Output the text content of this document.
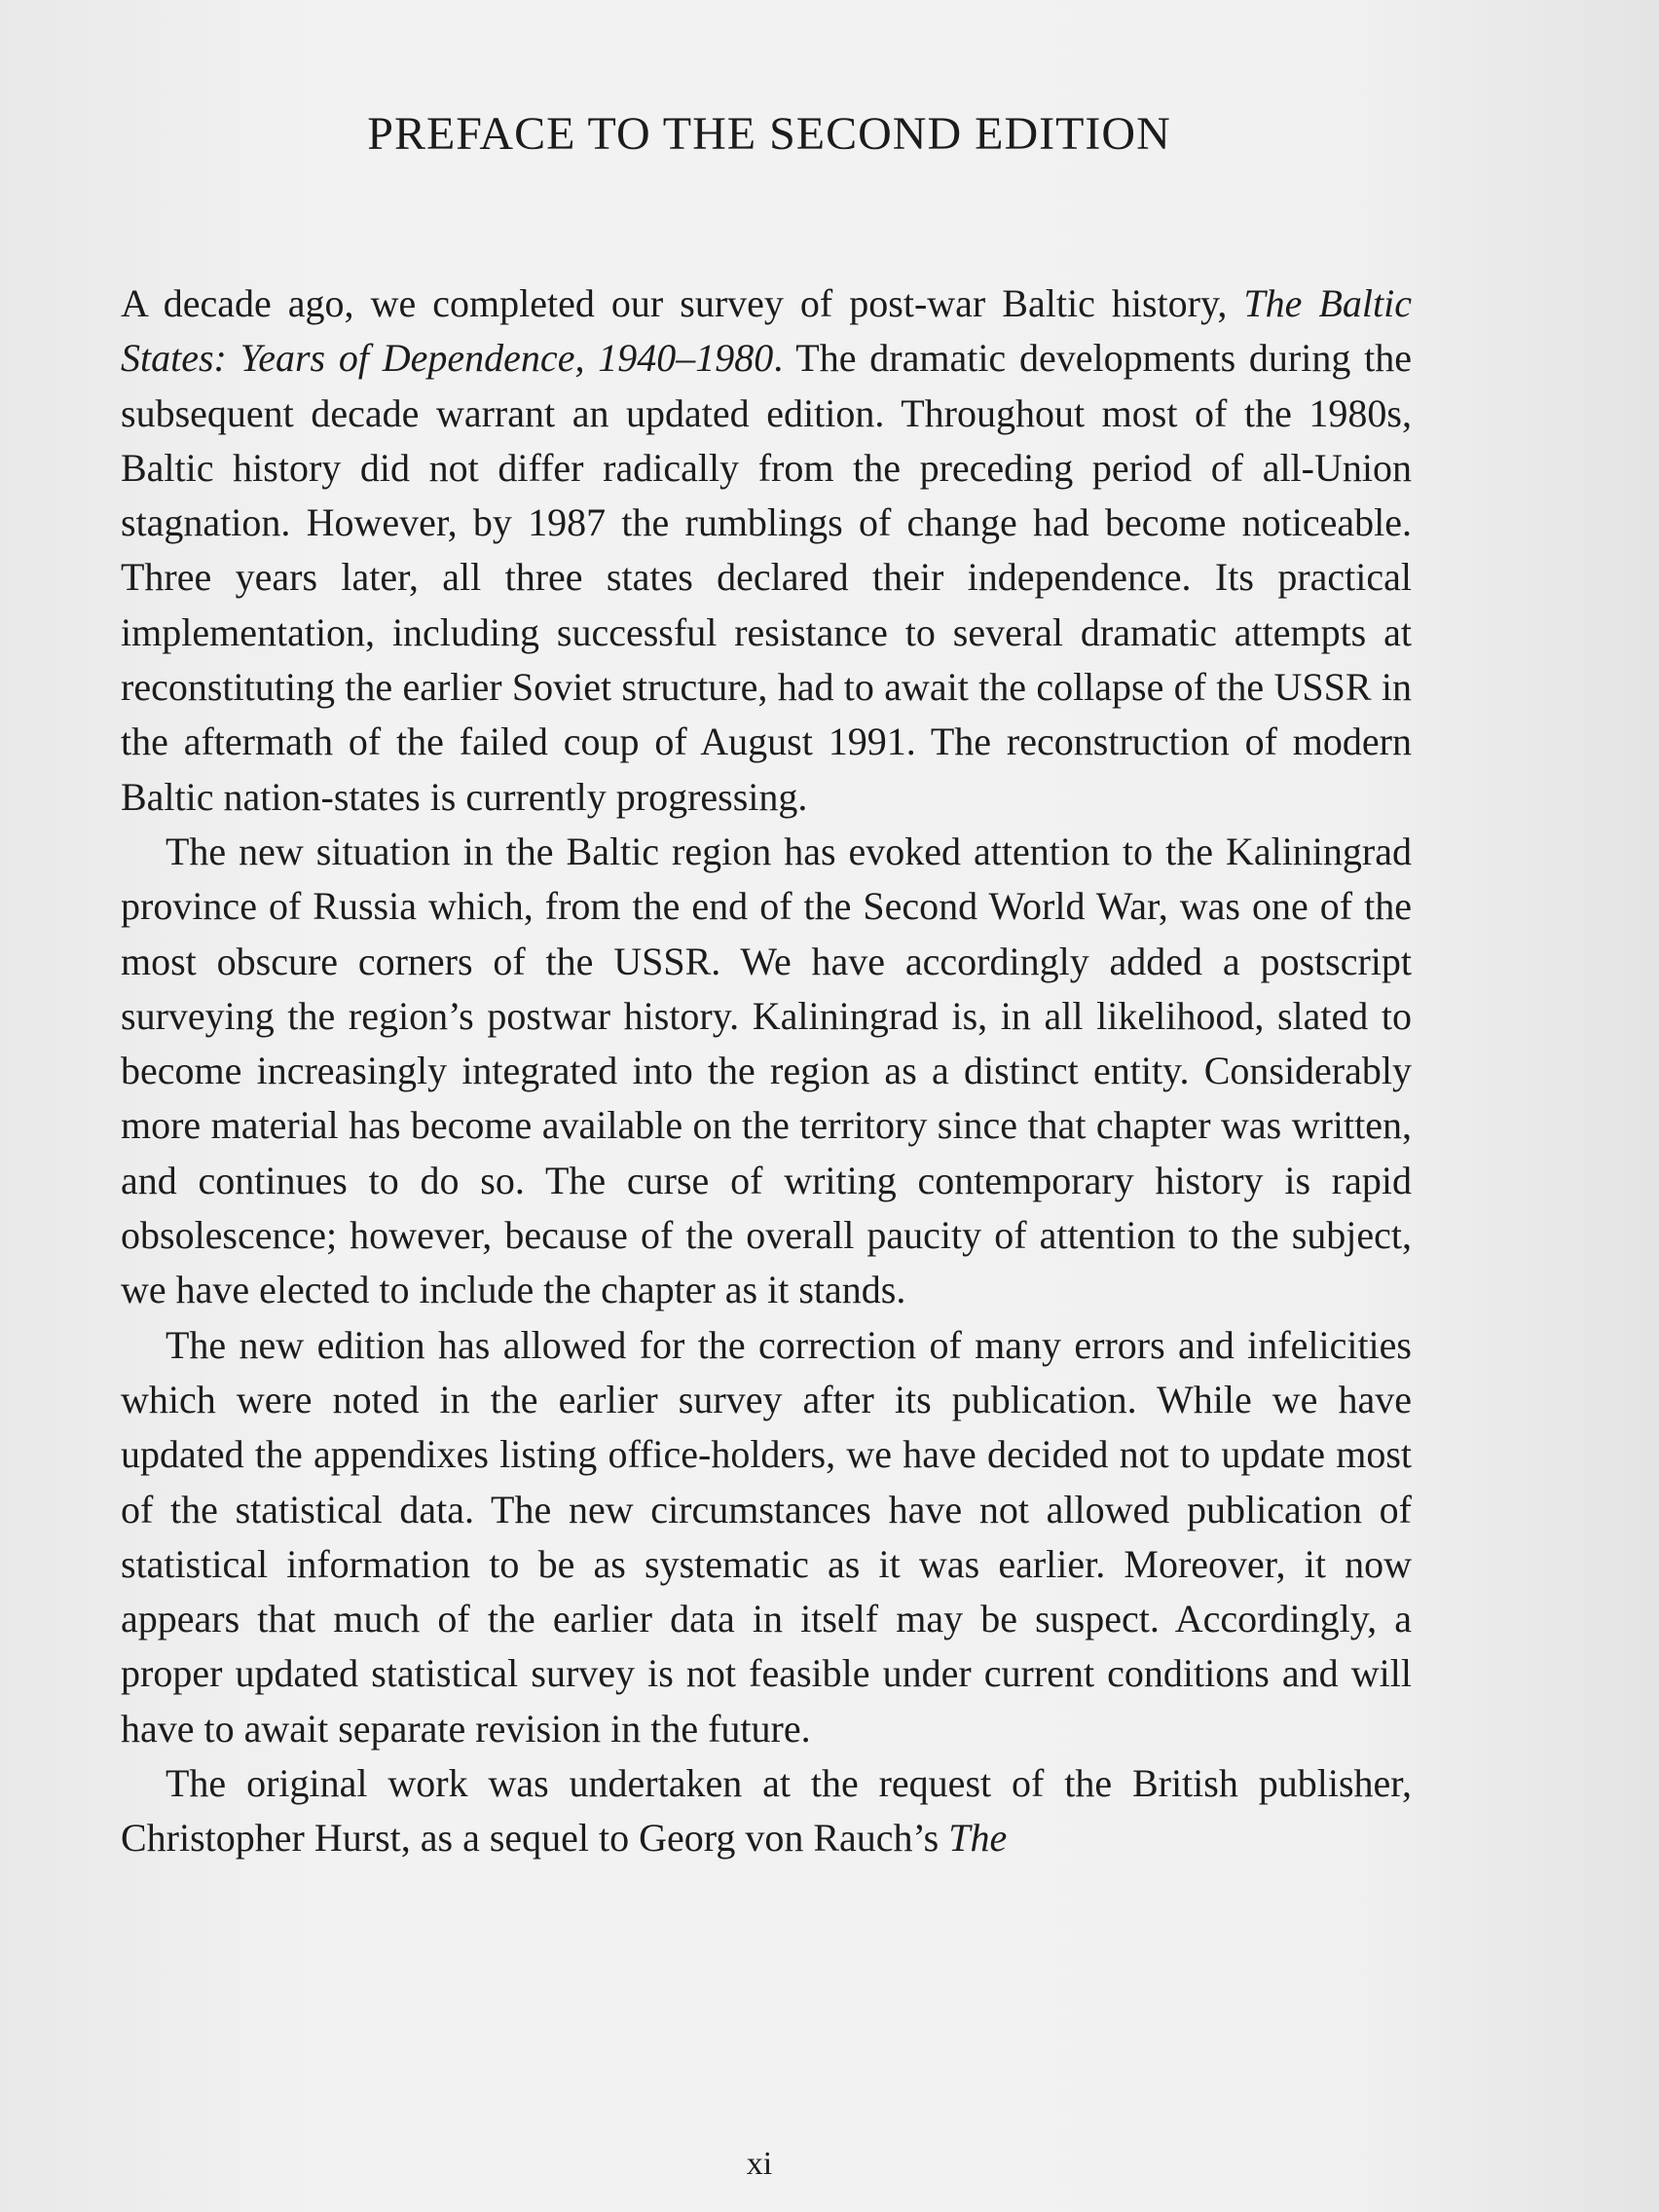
PREFACE TO THE SECOND EDITION

A decade ago, we completed our survey of post-war Baltic history, The Baltic States: Years of Dependence, 1940–1980. The dramatic developments during the subsequent decade warrant an updated edition. Throughout most of the 1980s, Baltic history did not differ radically from the preceding period of all-Union stagnation. However, by 1987 the rumblings of change had become noticeable. Three years later, all three states declared their independence. Its practical implementation, including successful resistance to several dramatic attempts at reconstituting the earlier Soviet structure, had to await the collapse of the USSR in the aftermath of the failed coup of August 1991. The reconstruction of modern Baltic nation-states is currently progressing.

The new situation in the Baltic region has evoked attention to the Kaliningrad province of Russia which, from the end of the Second World War, was one of the most obscure corners of the USSR. We have accordingly added a postscript surveying the region’s postwar history. Kaliningrad is, in all likelihood, slated to become increasingly integrated into the region as a distinct entity. Considerably more material has become available on the territory since that chapter was written, and continues to do so. The curse of writing contemporary history is rapid obsolescence; however, because of the overall paucity of attention to the subject, we have elected to include the chapter as it stands.

The new edition has allowed for the correction of many errors and infelicities which were noted in the earlier survey after its publication. While we have updated the appendixes listing office-holders, we have decided not to update most of the statistical data. The new circumstances have not allowed publication of statistical information to be as systematic as it was earlier. Moreover, it now appears that much of the earlier data in itself may be suspect. Accordingly, a proper updated statistical survey is not feasible under current conditions and will have to await separate revision in the future.

The original work was undertaken at the request of the British publisher, Christopher Hurst, as a sequel to Georg von Rauch’s The

xi
